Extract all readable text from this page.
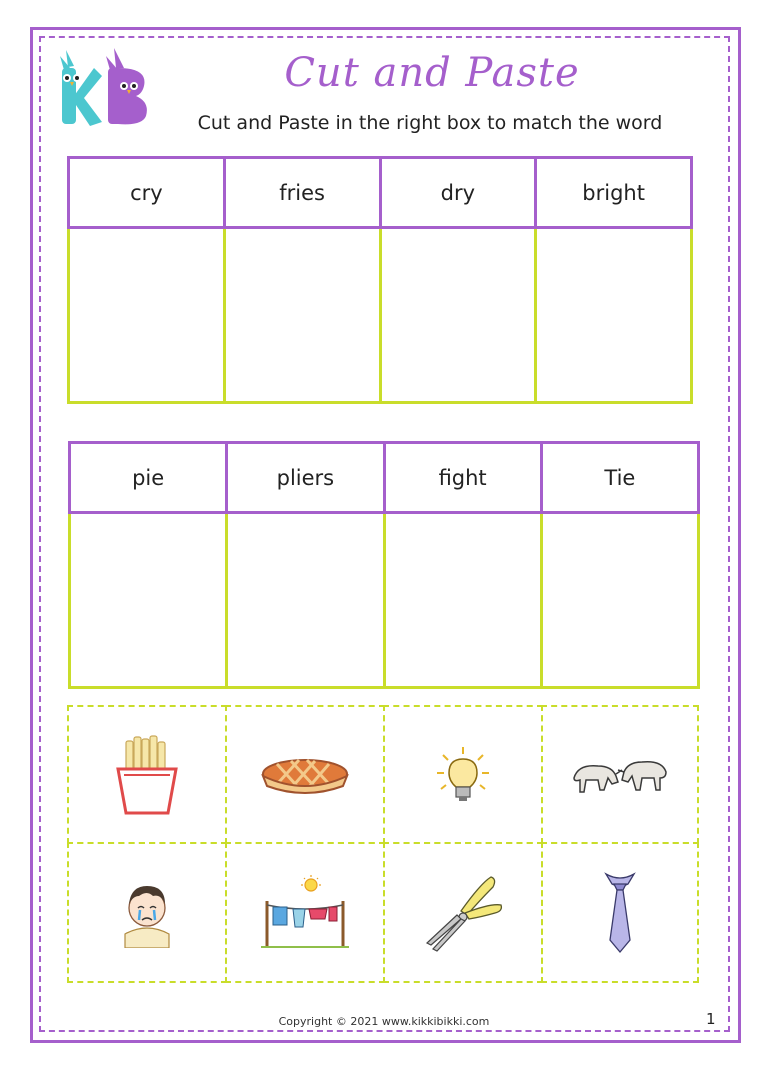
Cut and Paste
Cut and Paste in the right box to match the word
cry	fries	dry	bright

pie	pliers	fight	Tie

Copyright © 2021 www.kikkibikki.com	1
